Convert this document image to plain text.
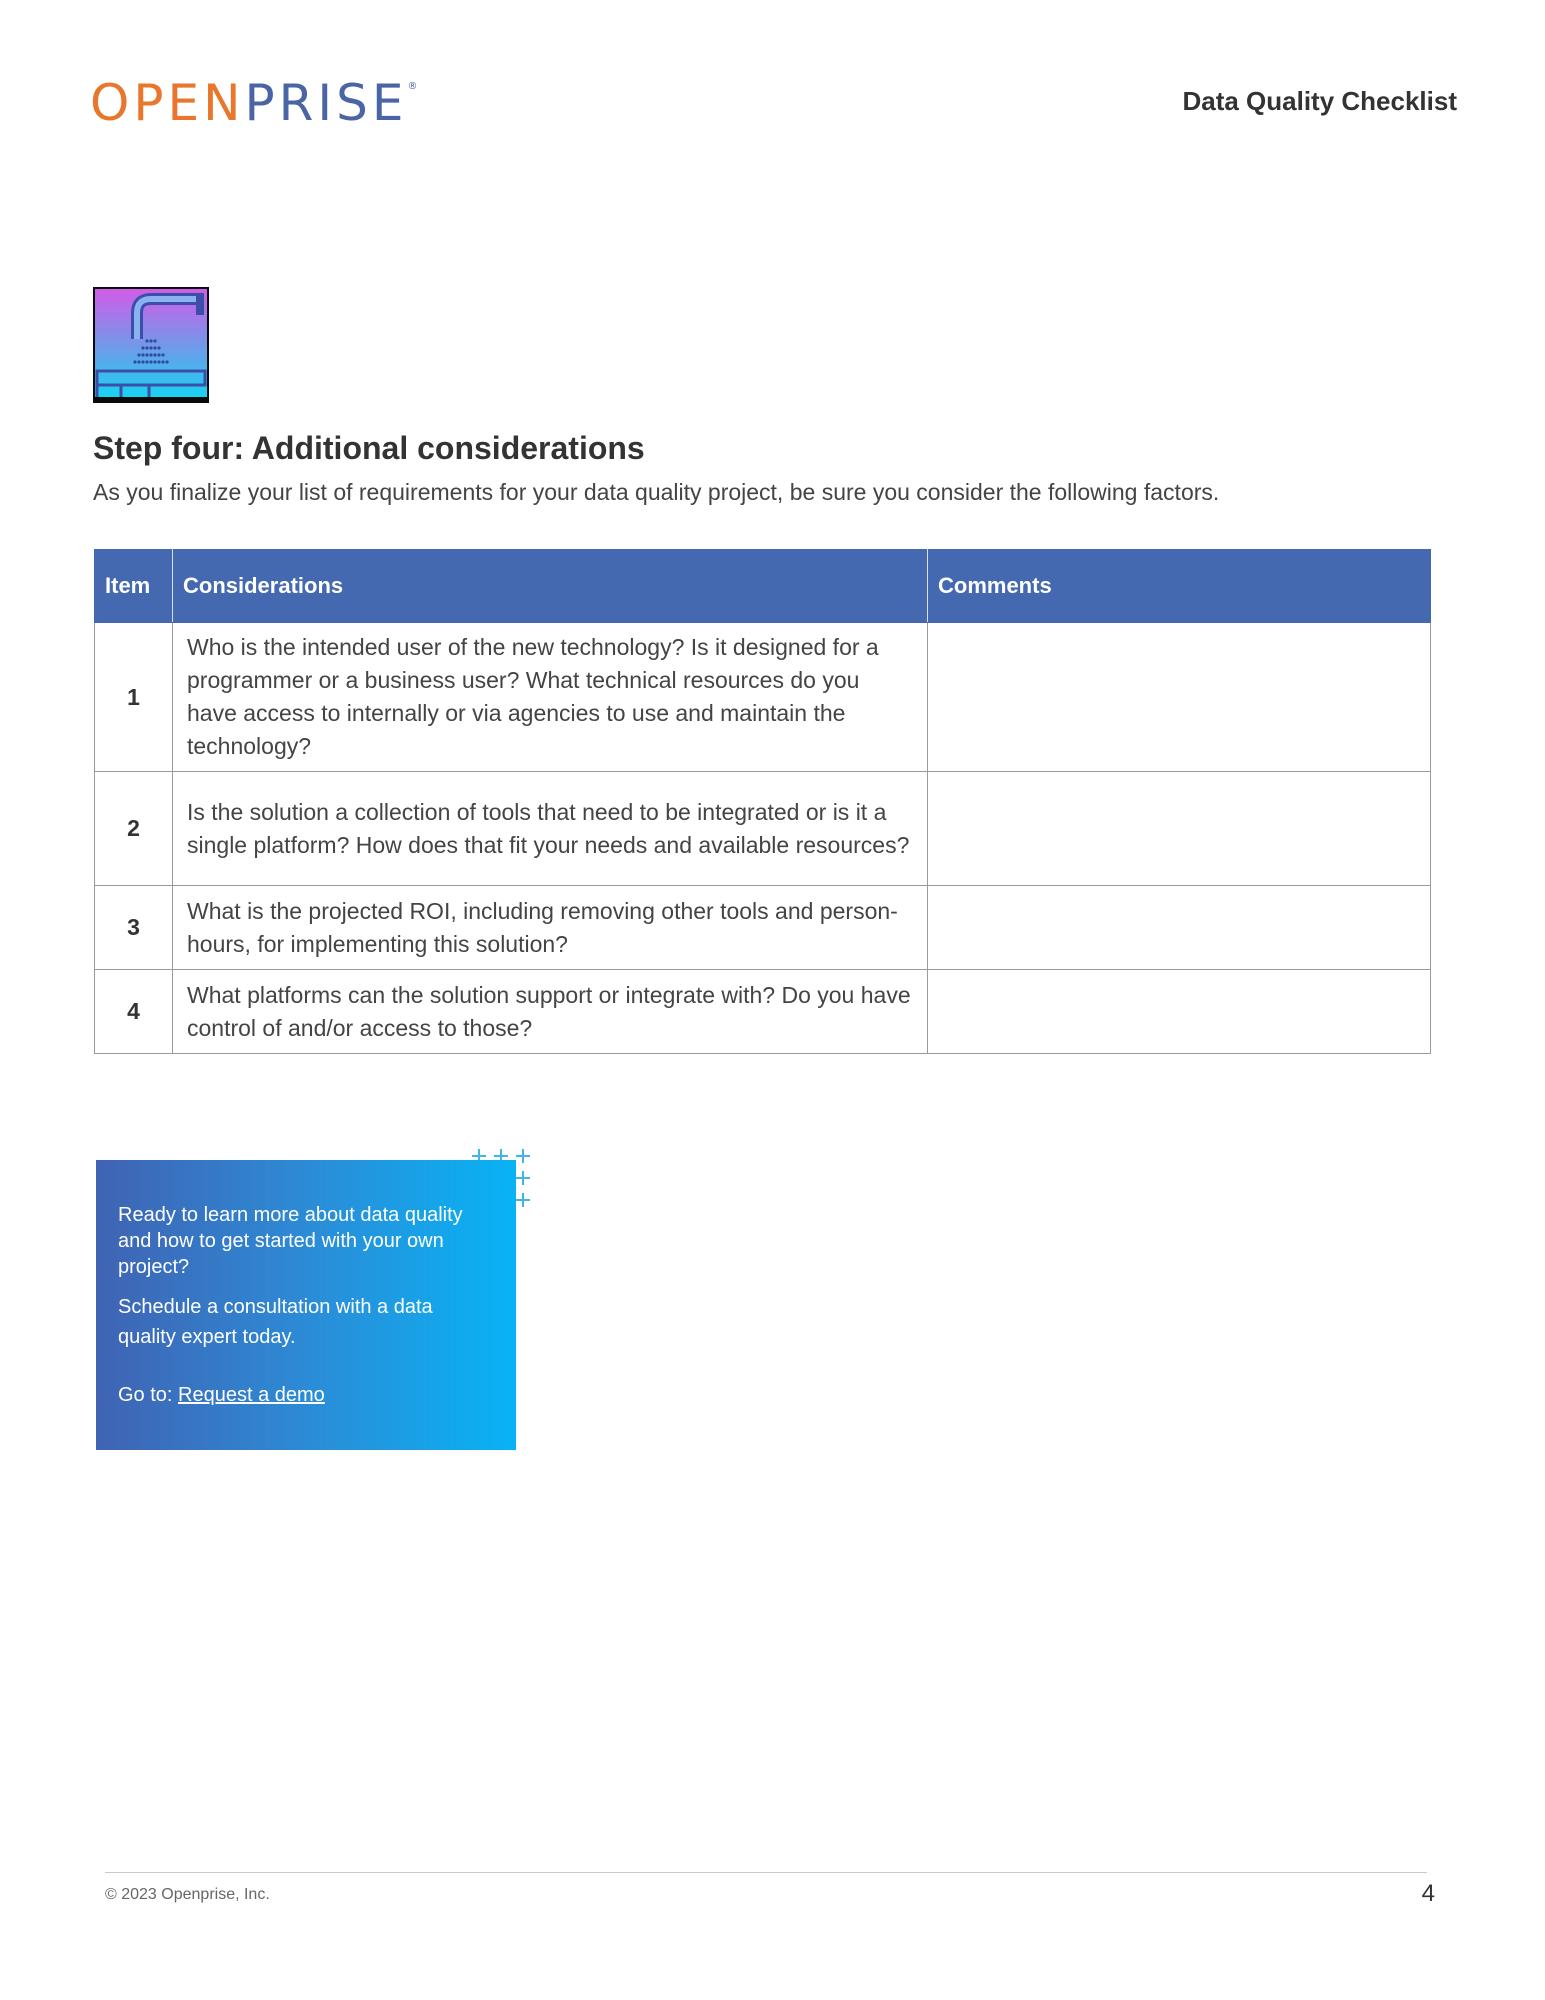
OPENPRISE®	Data Quality Checklist
Step four: Additional considerations

As you finalize your list of requirements for your data quality project, be sure you consider the following factors.

Item	Considerations	Comments
1	Who is the intended user of the new technology? Is it designed for a programmer or a business user? What technical resources do you have access to internally or via agencies to use and maintain the technology?	
2	Is the solution a collection of tools that need to be integrated or is it a single platform? How does that fit your needs and available resources?	
3	What is the projected ROI, including removing other tools and person-hours, for implementing this solution?	
4	What platforms can the solution support or integrate with? Do you have control of and/or access to those?	

Ready to learn more about data quality and how to get started with your own project?

Schedule a consultation with a data quality expert today.

Go to: Request a demo

© 2023 Openprise, Inc.	4
